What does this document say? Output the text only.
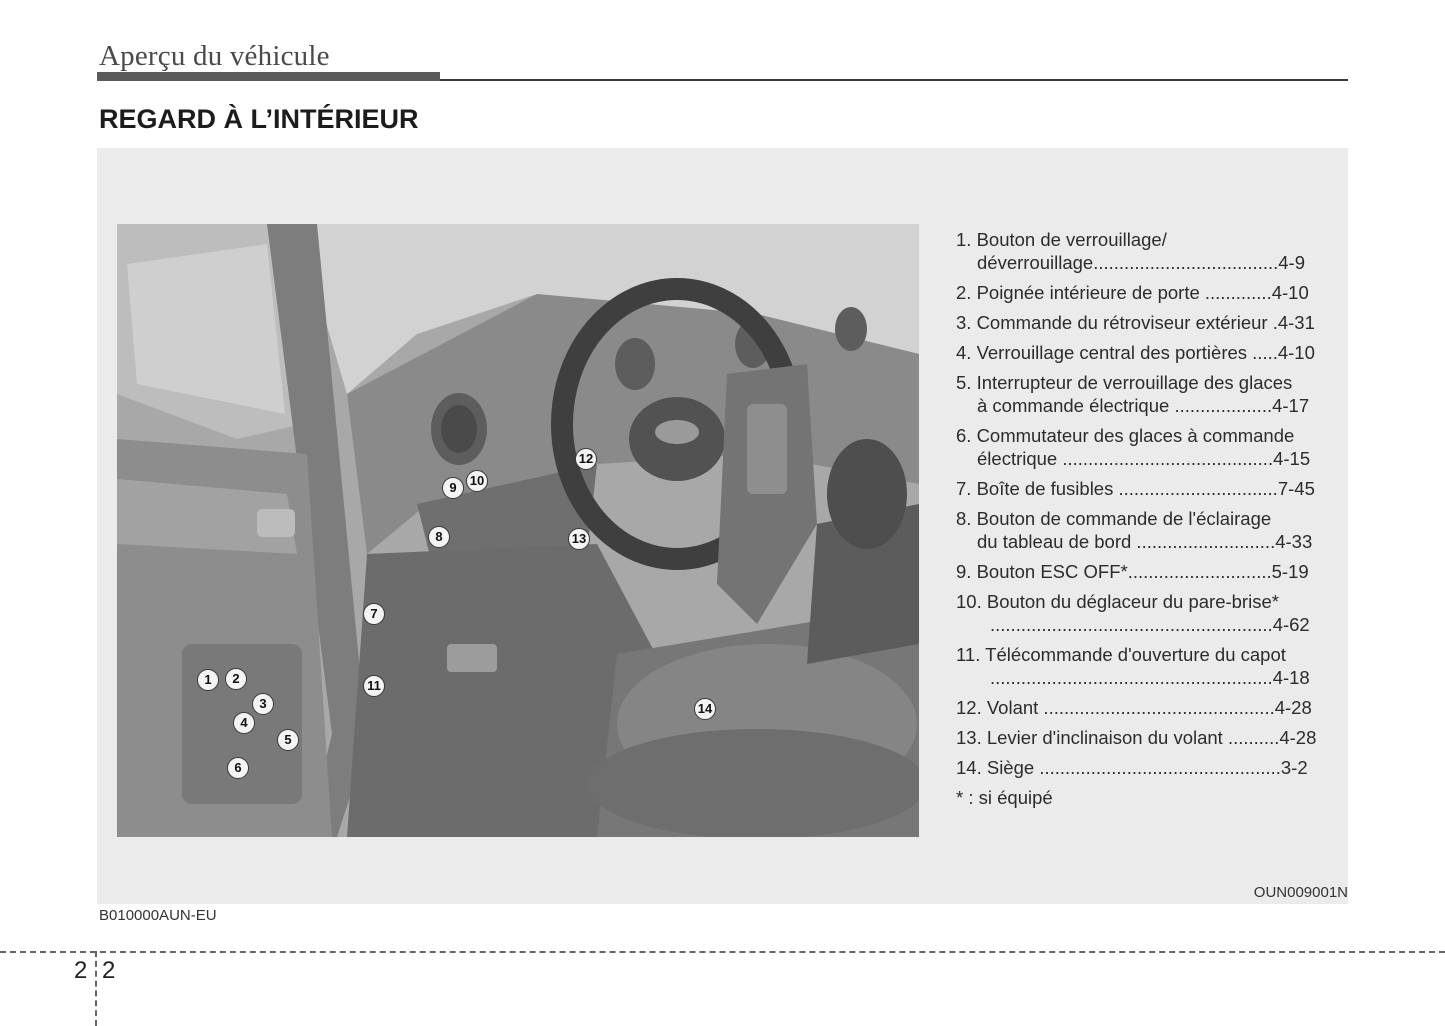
Aperçu du véhicule
REGARD À L’INTÉRIEUR
1	2
3
4
5
6
7
8
9	10
11
12
13
14
1. Bouton de verrouillage/
déverrouillage....................................4-9
2. Poignée intérieure de porte .............4-10
3. Commande du rétroviseur extérieur .4-31
4. Verrouillage central des portières .....4-10
5. Interrupteur de verrouillage des glaces
à commande électrique ...................4-17
6. Commutateur des glaces à commande
électrique .........................................4-15
7. Boîte de fusibles ...............................7-45
8. Bouton de commande de l'éclairage
du tableau de bord ...........................4-33
9. Bouton ESC OFF*............................5-19
10. Bouton du déglaceur du pare-brise*
.......................................................4-62
11. Télécommande d'ouverture du capot
.......................................................4-18
12. Volant .............................................4-28
13. Levier d'inclinaison du volant ..........4-28
14. Siège ...............................................3-2
* : si équipé
OUN009001N
B010000AUN-EU
2 2
